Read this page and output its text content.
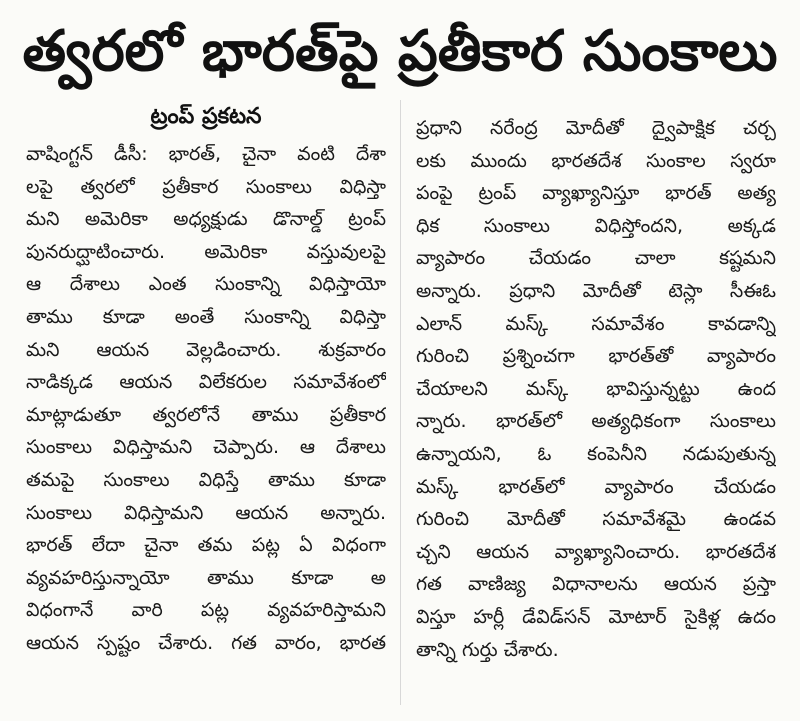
త్వరలో భారత్‌పై ప్రతీకార సుంకాలు
ట్రంప్ ప్రకటన
వాషింగ్టన్ డీసీ: భారత్, చైనా వంటి దేశా
లపై త్వరలో ప్రతీకార సుంకాలు విధిస్తా
మని అమెరికా అధ్యక్షుడు డొనాల్డ్ ట్రంప్
పునరుద్ఘాటించారు. అమెరికా వస్తువులపై
ఆ దేశాలు ఎంత సుంకాన్ని విధిస్తాయో
తాము కూడా అంతే సుంకాన్ని విధిస్తా
మని ఆయన వెల్లడించారు. శుక్రవారం
నాడిక్కడ ఆయన విలేకరుల సమావేశంలో
మాట్లాడుతూ త్వరలోనే తాము ప్రతీకార
సుంకాలు విధిస్తామని చెప్పారు. ఆ దేశాలు
తమపై సుంకాలు విధిస్తే తాము కూడా
సుంకాలు విధిస్తామని ఆయన అన్నారు.
భారత్ లేదా చైనా తమ పట్ల ఏ విధంగా
వ్యవహరిస్తున్నాయో తాము కూడా అ
విధంగానే వారి పట్ల వ్యవహరిస్తామని
ఆయన స్పష్టం చేశారు. గత వారం, భారత
ప్రధాని నరేంద్ర మోదీతో ద్వైపాక్షిక చర్చ
లకు ముందు భారతదేశ సుంకాల స్వరూ
పంపై ట్రంప్ వ్యాఖ్యానిస్తూ భారత్ అత్య
ధిక సుంకాలు విధిస్తోందని, అక్కడ
వ్యాపారం చేయడం చాలా కష్టమని
అన్నారు. ప్రధాని మోదీతో టెస్లా సీఈఓ
ఎలాన్ మస్క్ సమావేశం కావడాన్ని
గురించి ప్రశ్నించగా భారత్‌తో వ్యాపారం
చేయాలని మస్క్ భావిస్తున్నట్టు ఉంద
న్నారు. భారత్‌లో అత్యధికంగా సుంకాలు
ఉన్నాయని, ఓ కంపెనీని నడుపుతున్న
మస్క్ భారత్‌లో వ్యాపారం చేయడం
గురించి మోదీతో సమావేశమై ఉండవ
చ్చని ఆయన వ్యాఖ్యానించారు. భారతదేశ
గత వాణిజ్య విధానాలను ఆయన ప్రస్తా
విస్తూ హర్లీ డేవిడ్‌సన్ మోటార్ సైకిళ్ల ఉదం
తాన్ని గుర్తు చేశారు.
